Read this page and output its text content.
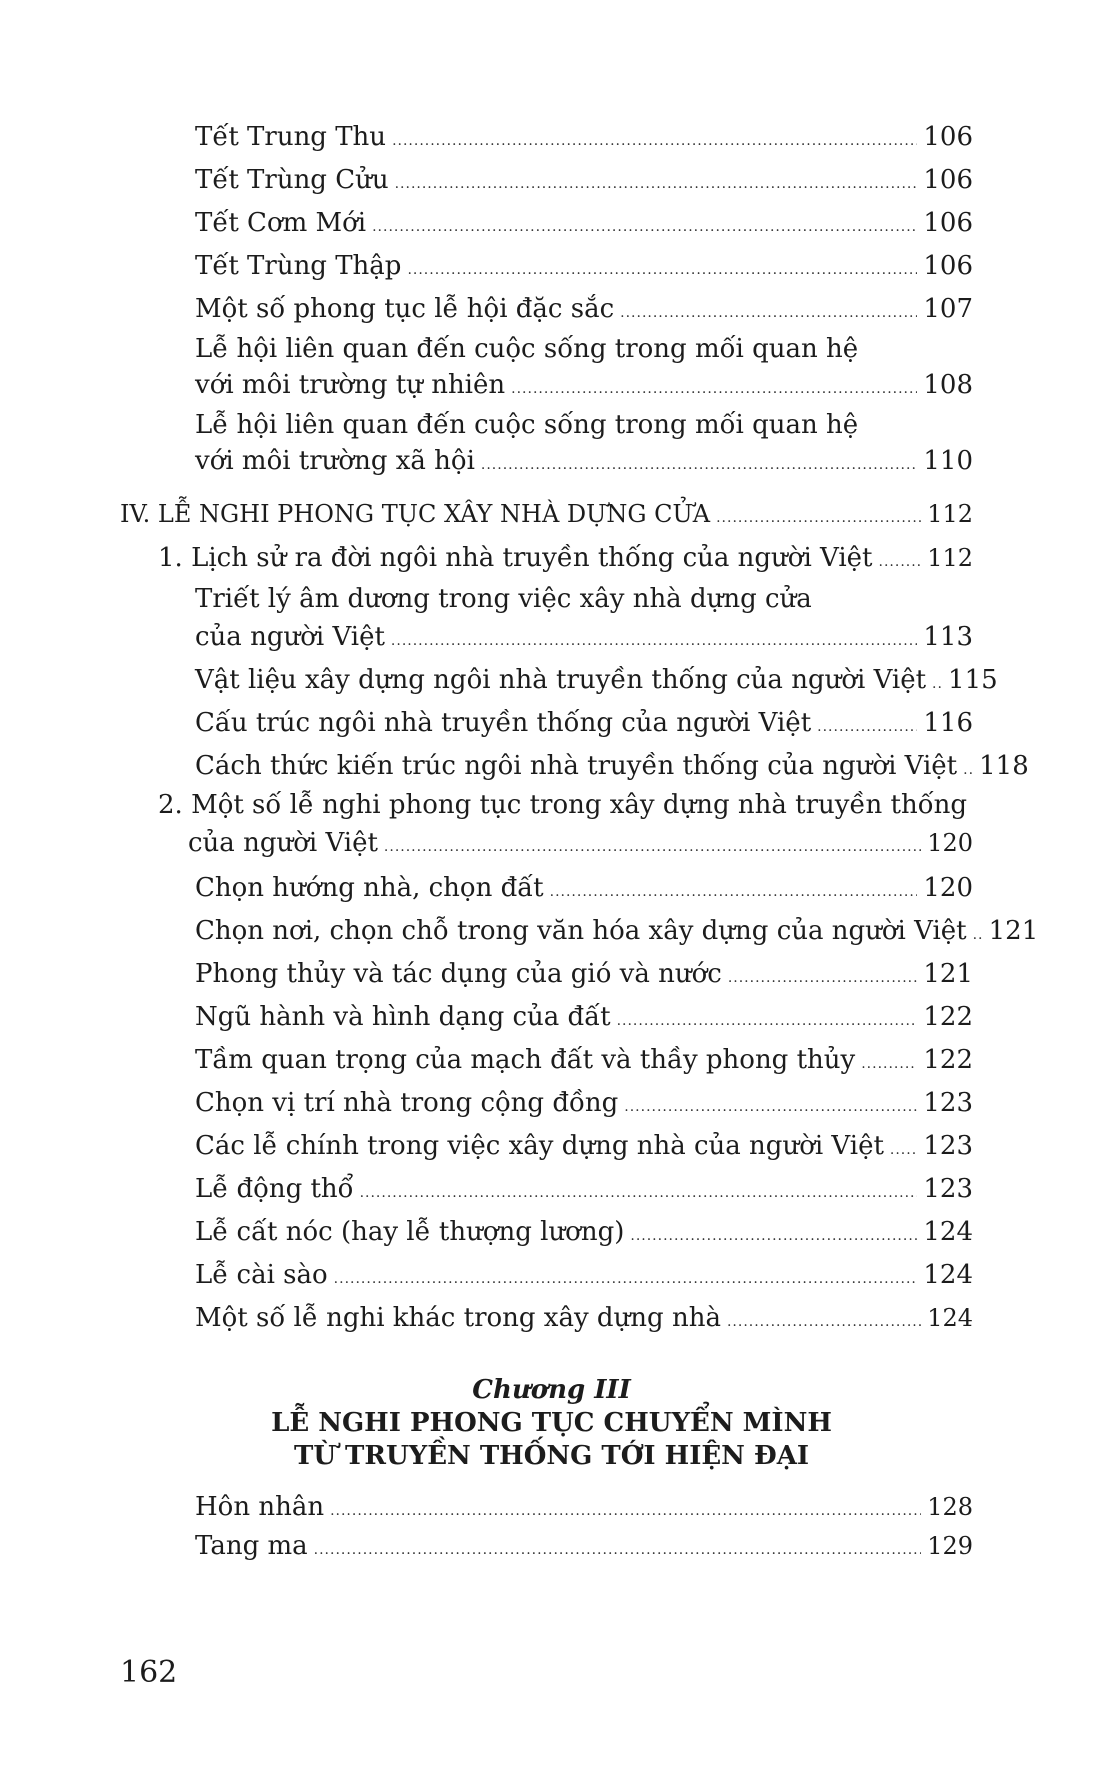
Tết Trung Thu .....	106
Tết Trùng Cửu .....	106
Tết Cơm Mới .....	106
Tết Trùng Thập .....	106
Một số phong tục lễ hội đặc sắc .....	107
Lễ hội liên quan đến cuộc sống trong mối quan hệ
với môi trường tự nhiên .....	108
Lễ hội liên quan đến cuộc sống trong mối quan hệ
với môi trường xã hội .....	110
IV. LỄ NGHI PHONG TỤC XÂY NHÀ DỰNG CỬA .....	112
1. Lịch sử ra đời ngôi nhà truyền thống của người Việt ..... 112
Triết lý âm dương trong việc xây nhà dựng cửa
của người Việt .....	113
Vật liệu xây dựng ngôi nhà truyền thống của người Việt ..... 115
Cấu trúc ngôi nhà truyền thống của người Việt .....	116
Cách thức kiến trúc ngôi nhà truyền thống của người Việt ..... 118
2. Một số lễ nghi phong tục trong xây dựng nhà truyền thống
của người Việt .....	120
Chọn hướng nhà, chọn đất .....	120
Chọn nơi, chọn chỗ trong văn hóa xây dựng của người Việt ..... 121
Phong thủy và tác dụng của gió và nước .....	121
Ngũ hành và hình dạng của đất .....	122
Tầm quan trọng của mạch đất và thầy phong thủy .....	122
Chọn vị trí nhà trong cộng đồng .....	123
Các lễ chính trong việc xây dựng nhà của người Việt ..... 123
Lễ động thổ .....	123
Lễ cất nóc (hay lễ thượng lương) .....	124
Lễ cài sào .....	124
Một số lễ nghi khác trong xây dựng nhà .....	124
Chương III
LỄ NGHI PHONG TỤC CHUYỂN MÌNH
TỪ TRUYỀN THỐNG TỚI HIỆN ĐẠI
Hôn nhân .....	128
Tang ma .....	129
162
